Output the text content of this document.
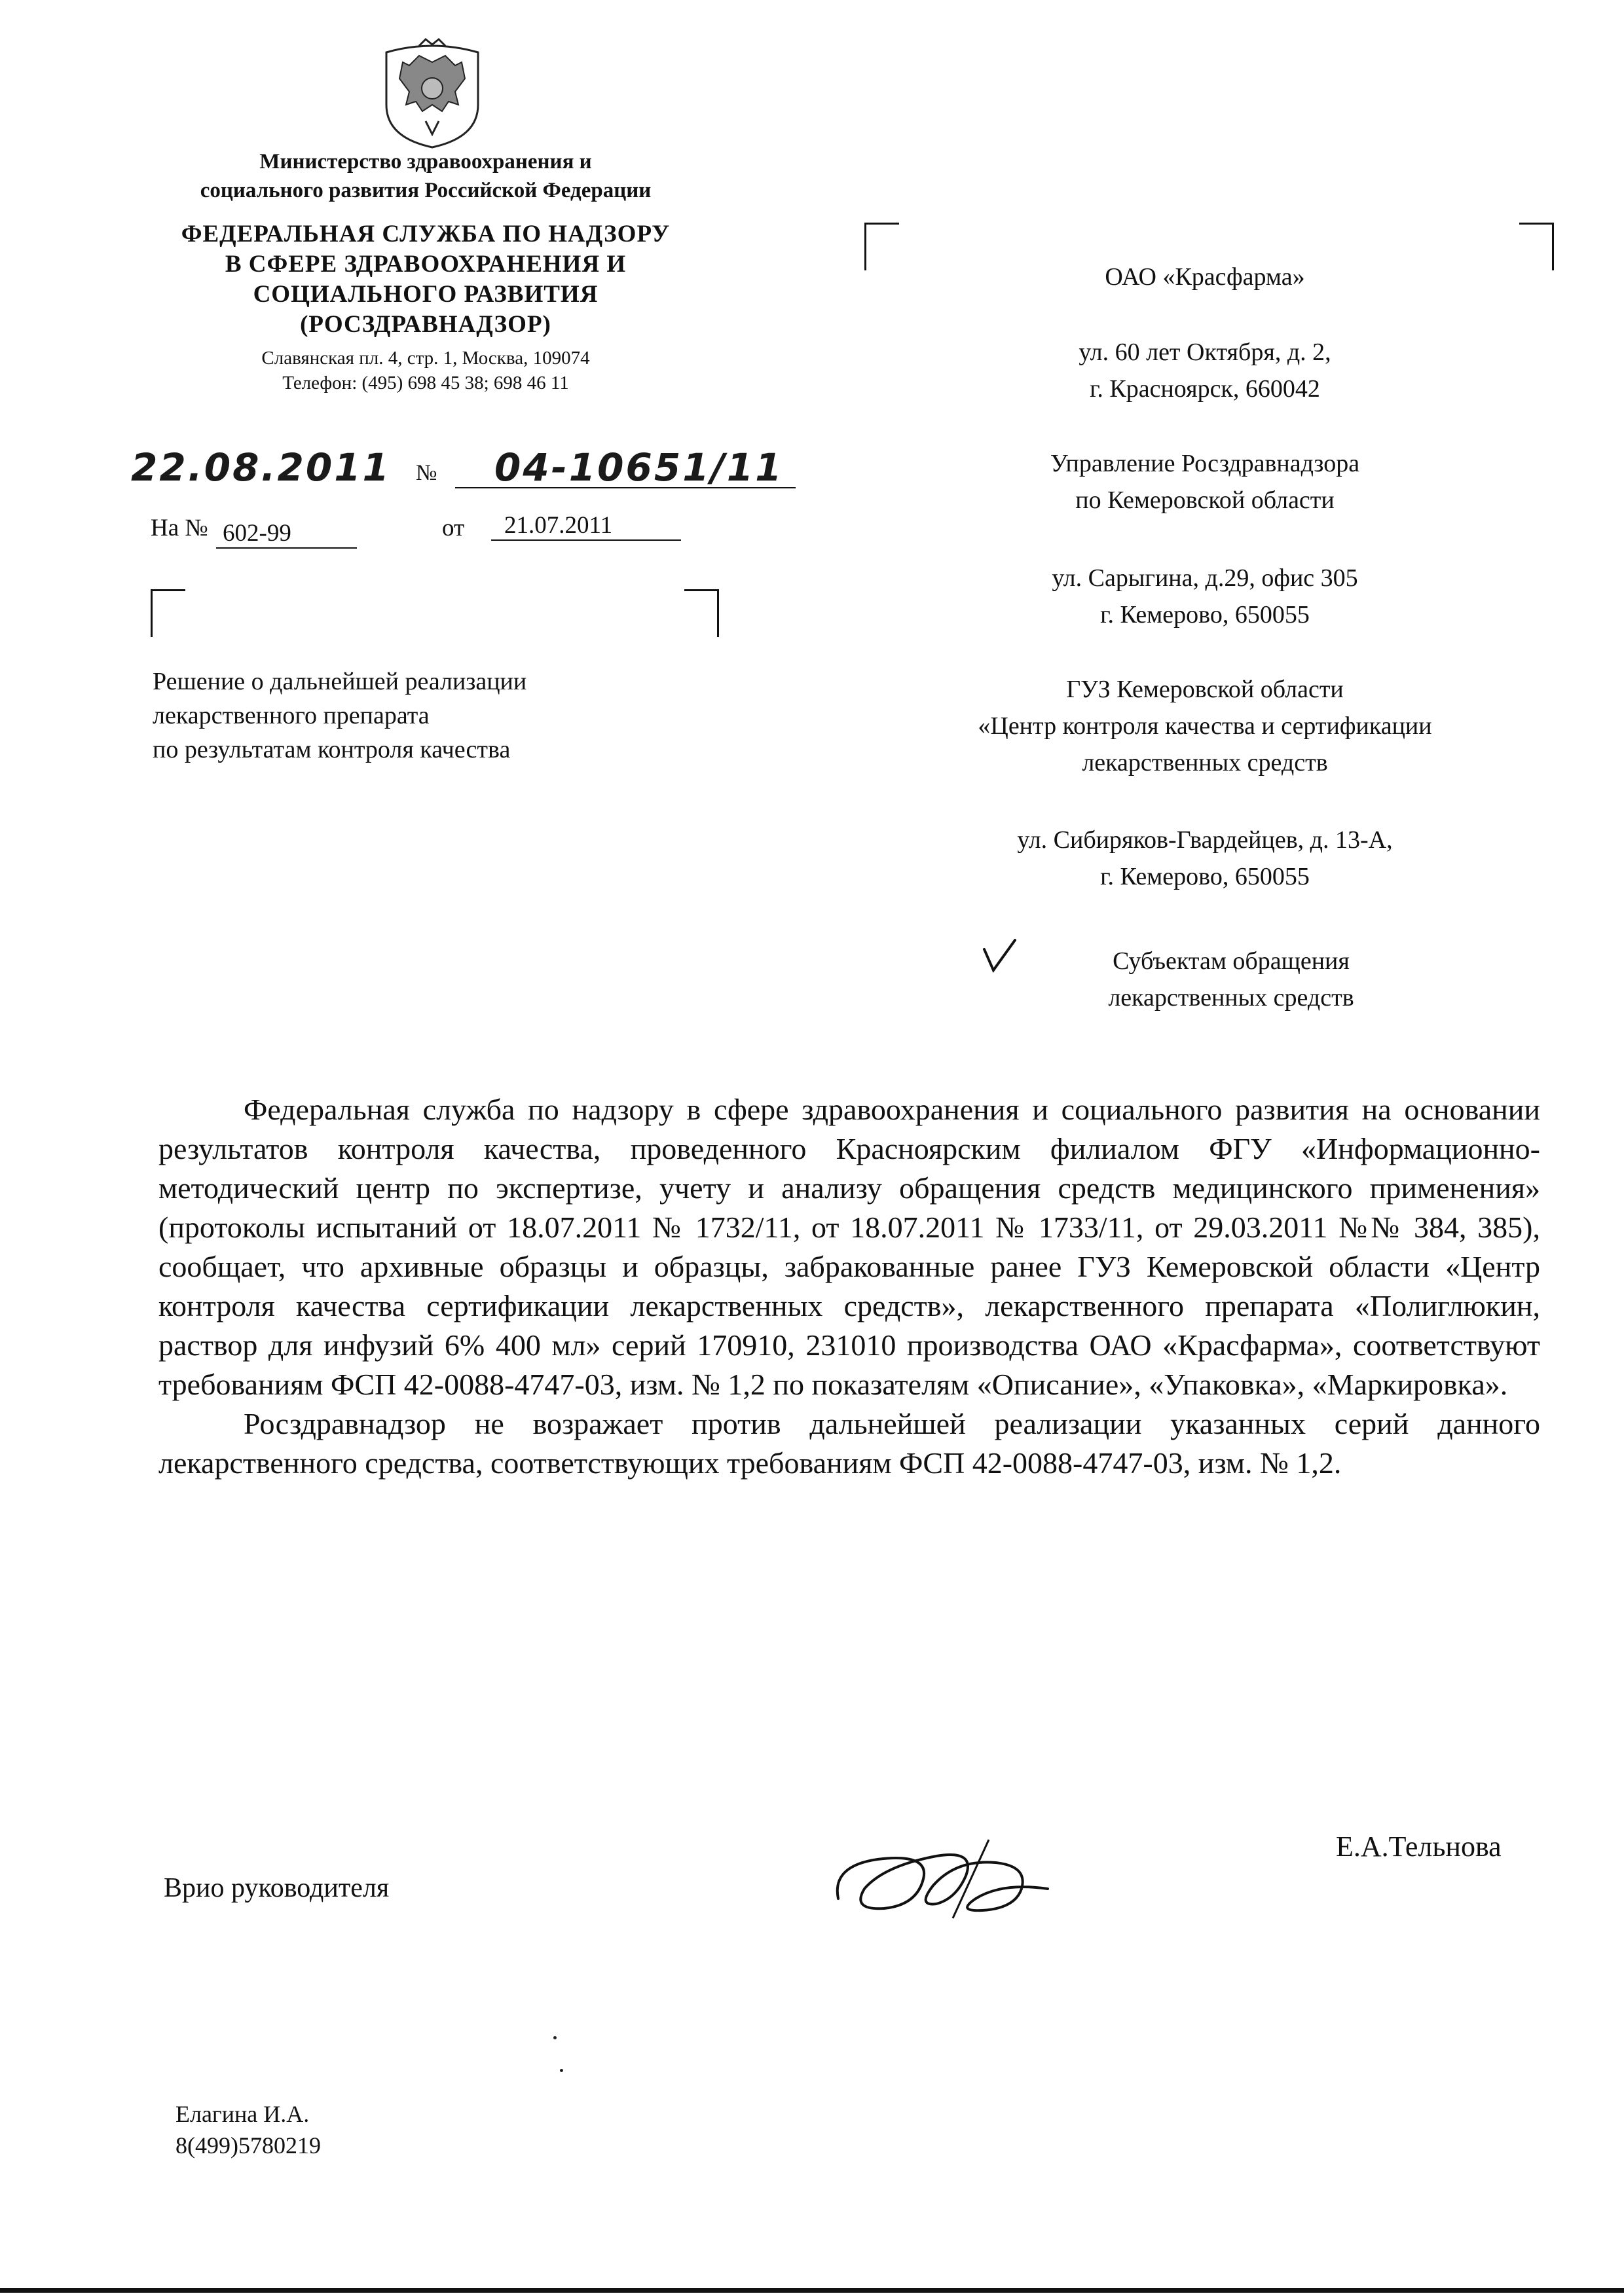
Министерство здравоохранения и
социального развития Российской Федерации
ФЕДЕРАЛЬНАЯ СЛУЖБА ПО НАДЗОРУ
В СФЕРЕ ЗДРАВООХРАНЕНИЯ И
СОЦИАЛЬНОГО РАЗВИТИЯ
(РОСЗДРАВНАДЗОР)
Славянская пл. 4, стр. 1, Москва, 109074
Телефон: (495) 698 45 38; 698 46 11
22.08.2011 № 04-10651/11
На № 602-99	от	21.07.2011
Решение о дальнейшей реализации
лекарственного препарата
по результатам контроля качества
ОАО «Красфарма»
ул. 60 лет Октября, д. 2,
г. Красноярск, 660042
Управление Росздравнадзора
по Кемеровской области
ул. Сарыгина, д.29, офис 305
г. Кемерово, 650055
ГУЗ Кемеровской области
«Центр контроля качества и сертификации
лекарственных средств
ул. Сибиряков-Гвардейцев, д. 13-А,
г. Кемерово, 650055
Субъектам обращения
лекарственных средств

Федеральная служба по надзору в сфере здравоохранения и социального развития на основании результатов контроля качества, проведенного Красноярским филиалом ФГУ «Информационно-методический центр по экспертизе, учету и анализу обращения средств медицинского применения» (протоколы испытаний от 18.07.2011 № 1732/11, от 18.07.2011 № 1733/11, от 29.03.2011 №№ 384, 385), сообщает, что архивные образцы и образцы, забракованные ранее ГУЗ Кемеровской области «Центр контроля качества сертификации лекарственных средств», лекарственного препарата «Полиглюкин, раствор для инфузий 6% 400 мл» серий 170910, 231010 производства ОАО «Красфарма», соответствуют требованиям ФСП 42-0088-4747-03, изм. № 1,2 по показателям «Описание», «Упаковка», «Маркировка».

Росздравнадзор не возражает против дальнейшей реализации указанных серий данного лекарственного средства, соответствующих требованиям ФСП 42-0088-4747-03, изм. № 1,2.

Врио руководителя
Е.А.Тельнова
Елагина И.А.
8(499)5780219
